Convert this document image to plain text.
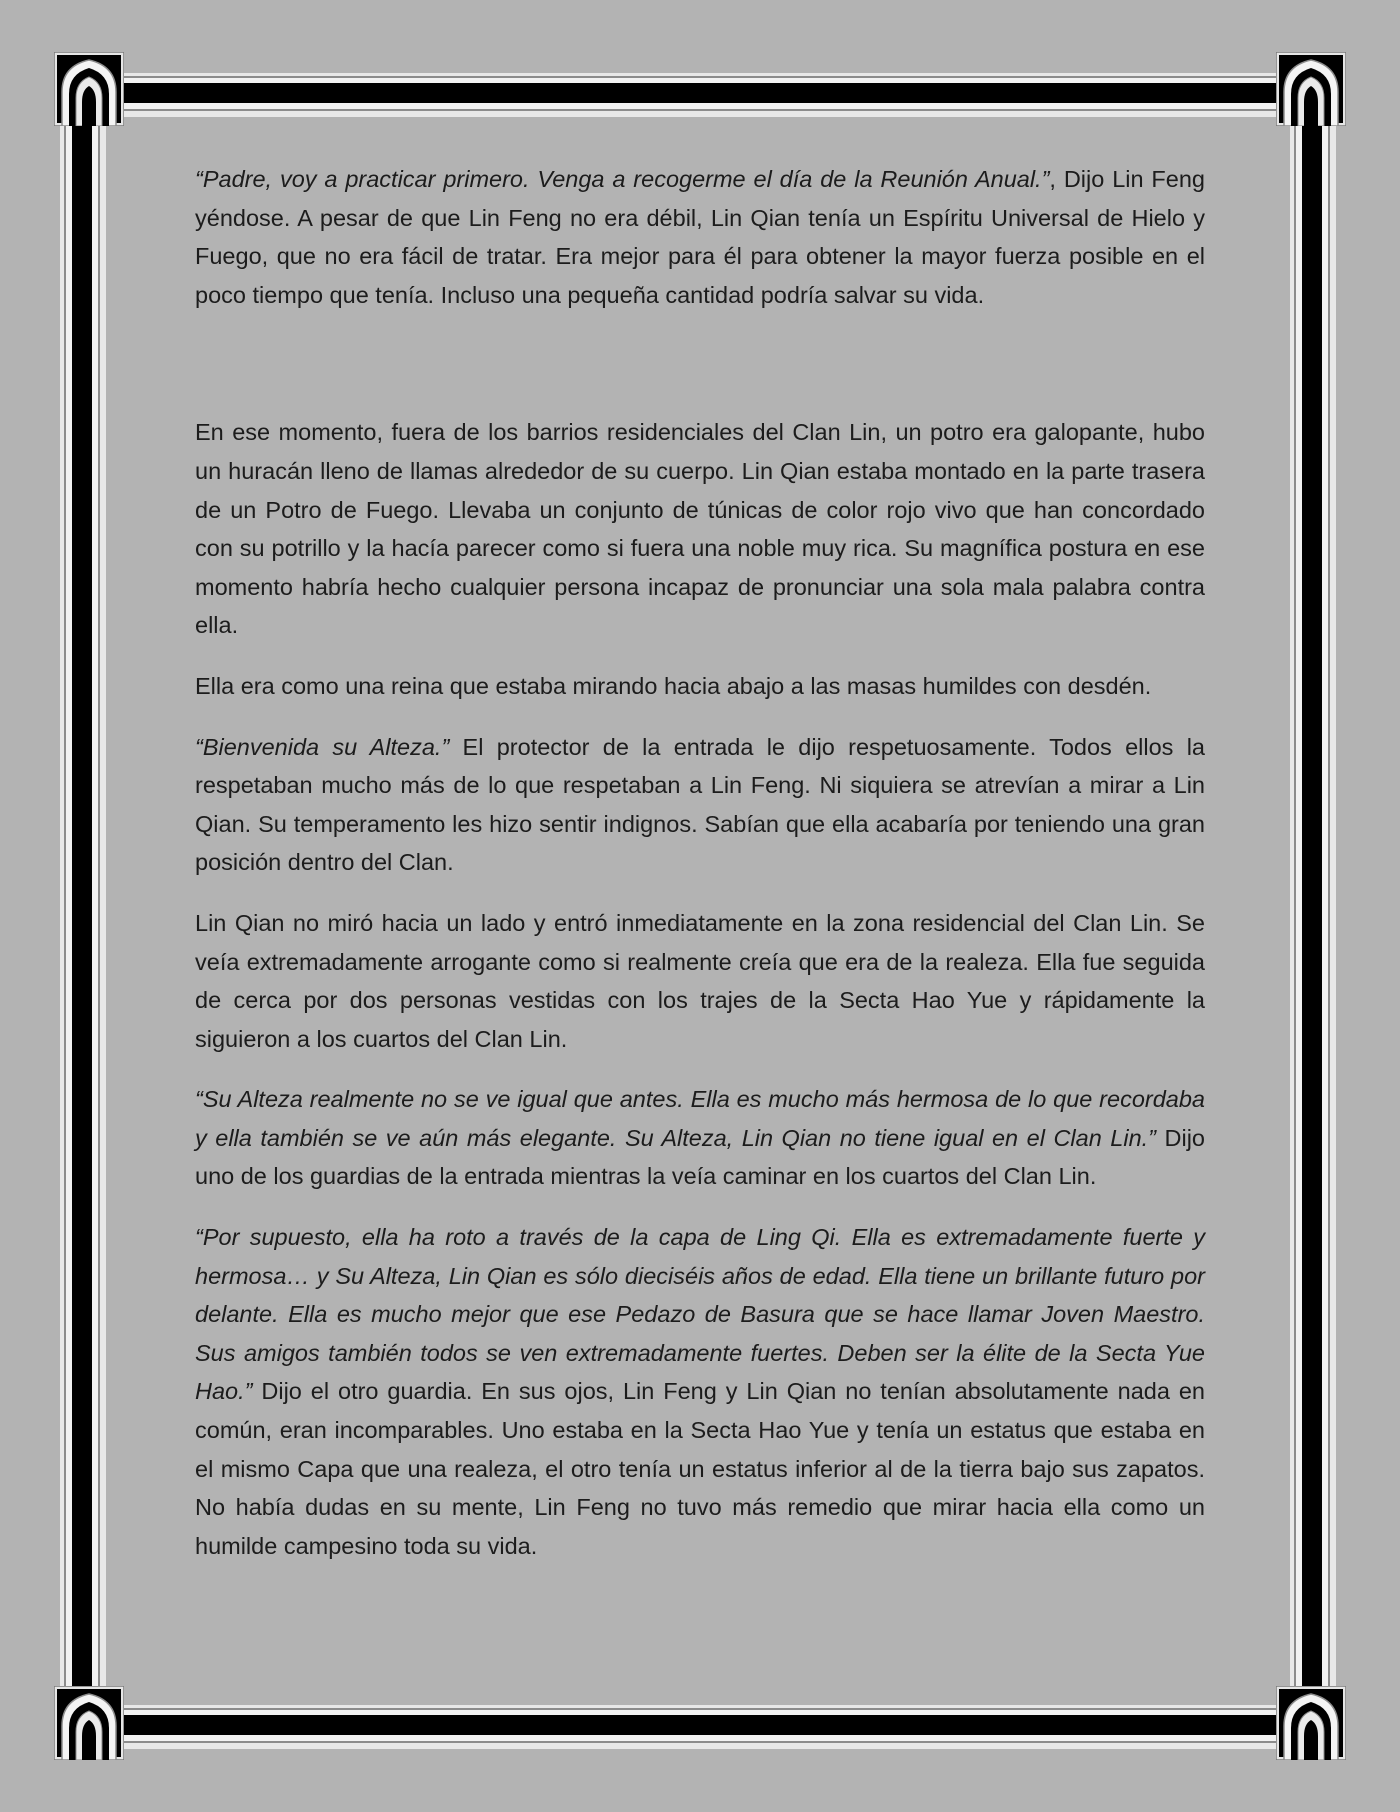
“Padre, voy a practicar primero. Venga a recogerme el día de la Reunión Anual.”, Dijo Lin Feng yéndose. A pesar de que Lin Feng no era débil, Lin Qian tenía un Espíritu Universal de Hielo y Fuego, que no era fácil de tratar. Era mejor para él para obtener la mayor fuerza posible en el poco tiempo que tenía. Incluso una pequeña cantidad podría salvar su vida.

En ese momento, fuera de los barrios residenciales del Clan Lin, un potro era galopante, hubo un huracán lleno de llamas alrededor de su cuerpo. Lin Qian estaba montado en la parte trasera de un Potro de Fuego. Llevaba un conjunto de túnicas de color rojo vivo que han concordado con su potrillo y la hacía parecer como si fuera una noble muy rica. Su magnífica postura en ese momento habría hecho cualquier persona incapaz de pronunciar una sola mala palabra contra ella.

Ella era como una reina que estaba mirando hacia abajo a las masas humildes con desdén.

“Bienvenida su Alteza.” El protector de la entrada le dijo respetuosamente. Todos ellos la respetaban mucho más de lo que respetaban a Lin Feng. Ni siquiera se atrevían a mirar a Lin Qian. Su temperamento les hizo sentir indignos. Sabían que ella acabaría por teniendo una gran posición dentro del Clan.

Lin Qian no miró hacia un lado y entró inmediatamente en la zona residencial del Clan Lin. Se veía extremadamente arrogante como si realmente creía que era de la realeza. Ella fue seguida de cerca por dos personas vestidas con los trajes de la Secta Hao Yue y rápidamente la siguieron a los cuartos del Clan Lin.

“Su Alteza realmente no se ve igual que antes. Ella es mucho más hermosa de lo que recordaba y ella también se ve aún más elegante. Su Alteza, Lin Qian no tiene igual en el Clan Lin.” Dijo uno de los guardias de la entrada mientras la veía caminar en los cuartos del Clan Lin.

“Por supuesto, ella ha roto a través de la capa de Ling Qi. Ella es extremadamente fuerte y hermosa… y Su Alteza, Lin Qian es sólo dieciséis años de edad. Ella tiene un brillante futuro por delante. Ella es mucho mejor que ese Pedazo de Basura que se hace llamar Joven Maestro. Sus amigos también todos se ven extremadamente fuertes. Deben ser la élite de la Secta Yue Hao.” Dijo el otro guardia. En sus ojos, Lin Feng y Lin Qian no tenían absolutamente nada en común, eran incomparables. Uno estaba en la Secta Hao Yue y tenía un estatus que estaba en el mismo Capa que una realeza, el otro tenía un estatus inferior al de la tierra bajo sus zapatos. No había dudas en su mente, Lin Feng no tuvo más remedio que mirar hacia ella como un humilde campesino toda su vida.
